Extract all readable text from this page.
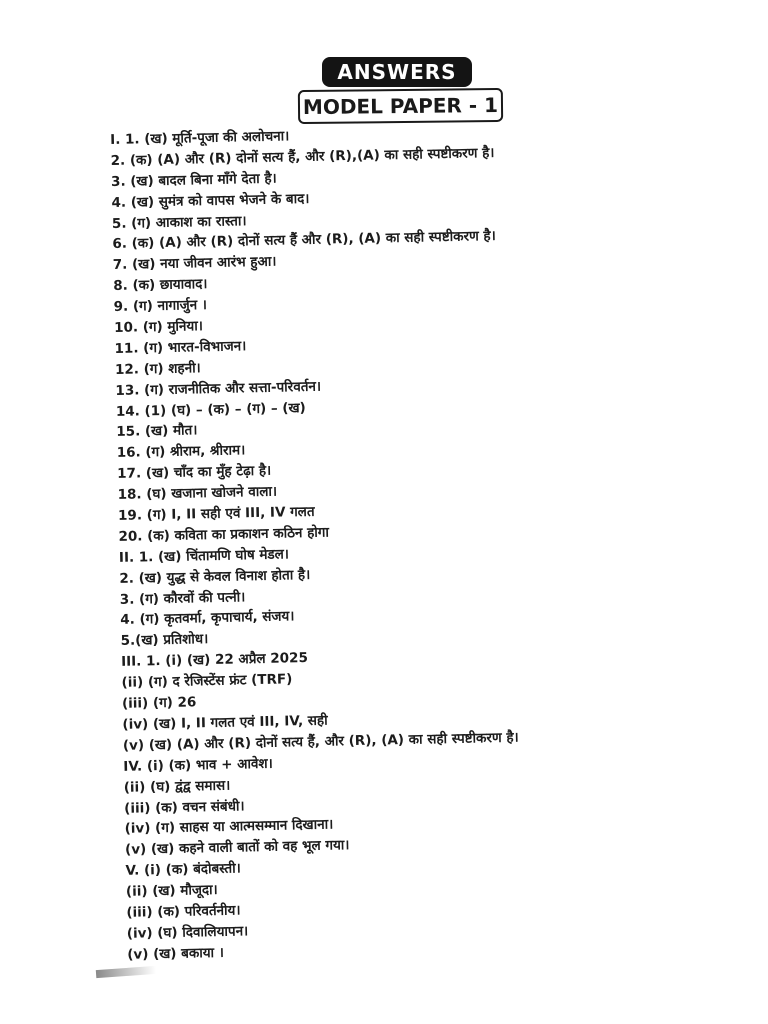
ANSWERS
MODEL PAPER - 1
I. 1. (ख) मूर्ति-पूजा की अलोचना।
2. (क) (A) और (R) दोनों सत्य हैं, और (R),(A) का सही स्पष्टीकरण है।
3. (ख) बादल बिना माँगे देता है।
4. (ख) सुमंत्र को वापस भेजने के बाद।
5. (ग) आकाश का रास्ता।
6. (क) (A) और (R) दोनों सत्य हैं और (R), (A) का सही स्पष्टीकरण है।
7. (ख) नया जीवन आरंभ हुआ।
8. (क) छायावाद।
9. (ग) नागार्जुन ।
10. (ग) मुनिया।
11. (ग) भारत-विभाजन।
12. (ग) शहनी।
13. (ग) राजनीतिक और सत्ता-परिवर्तन।
14. (1) (घ) – (क) – (ग) – (ख)
15. (ख) मौत।
16. (ग) श्रीराम, श्रीराम।
17. (ख) चाँद का मुँह टेढ़ा है।
18. (घ) खजाना खोजने वाला।
19. (ग) I, II सही एवं III, IV गलत
20. (क) कविता का प्रकाशन कठिन होगा
II. 1. (ख) चिंतामणि घोष मेडल।
2. (ख) युद्ध से केवल विनाश होता है।
3. (ग) कौरवों की पत्नी।
4. (ग) कृतवर्मा, कृपाचार्य, संजय।
5.(ख) प्रतिशोध।
III. 1. (i) (ख) 22 अप्रैल 2025
(ii) (ग) द रेजिस्टेंस फ्रंट (TRF)
(iii) (ग) 26
(iv) (ख) I, II गलत एवं III, IV, सही
(v) (ख) (A) और (R) दोनों सत्य हैं, और (R), (A) का सही स्पष्टीकरण है।
IV. (i) (क) भाव + आवेश।
(ii) (घ) द्वंद्व समास।
(iii) (क) वचन संबंधी।
(iv) (ग) साहस या आत्मसम्मान दिखाना।
(v) (ख) कहने वाली बातों को वह भूल गया।
V. (i) (क) बंदोबस्ती।
(ii) (ख) मौजूदा।
(iii) (क) परिवर्तनीय।
(iv) (घ) दिवालियापन।
(v) (ख) बकाया ।
